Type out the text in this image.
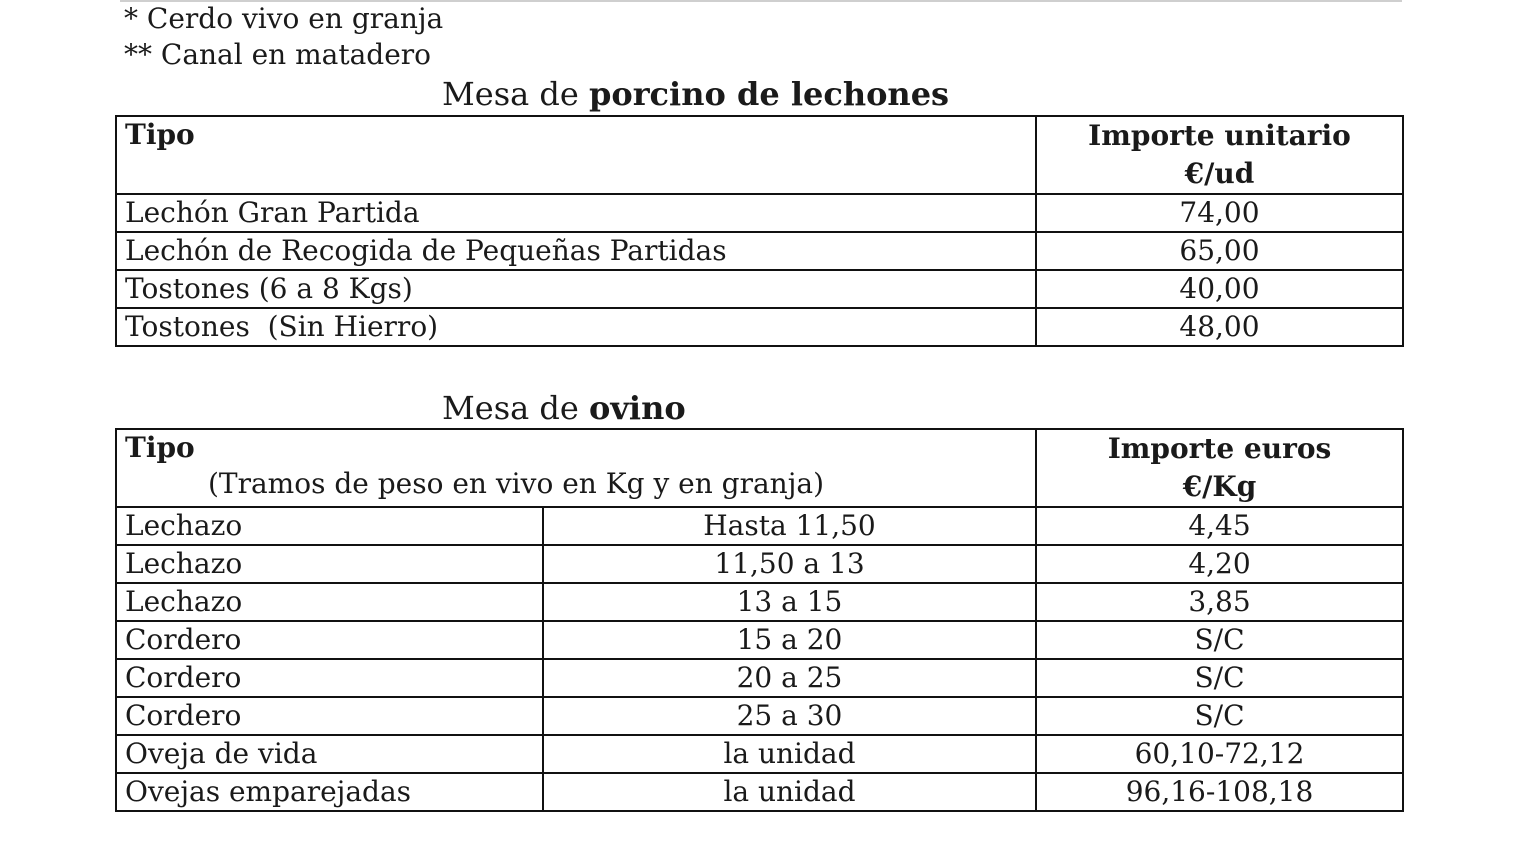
* Cerdo vivo en granja
** Canal en matadero
Mesa de porcino de lechones
Tipo	Importe unitario
€/ud
Lechón Gran Partida	74,00
Lechón de Recogida de Pequeñas Partidas	65,00
Tostones (6 a 8 Kgs)	40,00
Tostones  (Sin Hierro)	48,00
Mesa de ovino
Tipo
(Tramos de peso en vivo en Kg y en granja)		Importe euros
€/Kg
Lechazo	Hasta 11,50	4,45
Lechazo	11,50 a 13	4,20
Lechazo	13 a 15	3,85
Cordero	15 a 20	S/C
Cordero	20 a 25	S/C
Cordero	25 a 30	S/C
Oveja de vida	la unidad	60,10-72,12
Ovejas emparejadas	la unidad	96,16-108,18
